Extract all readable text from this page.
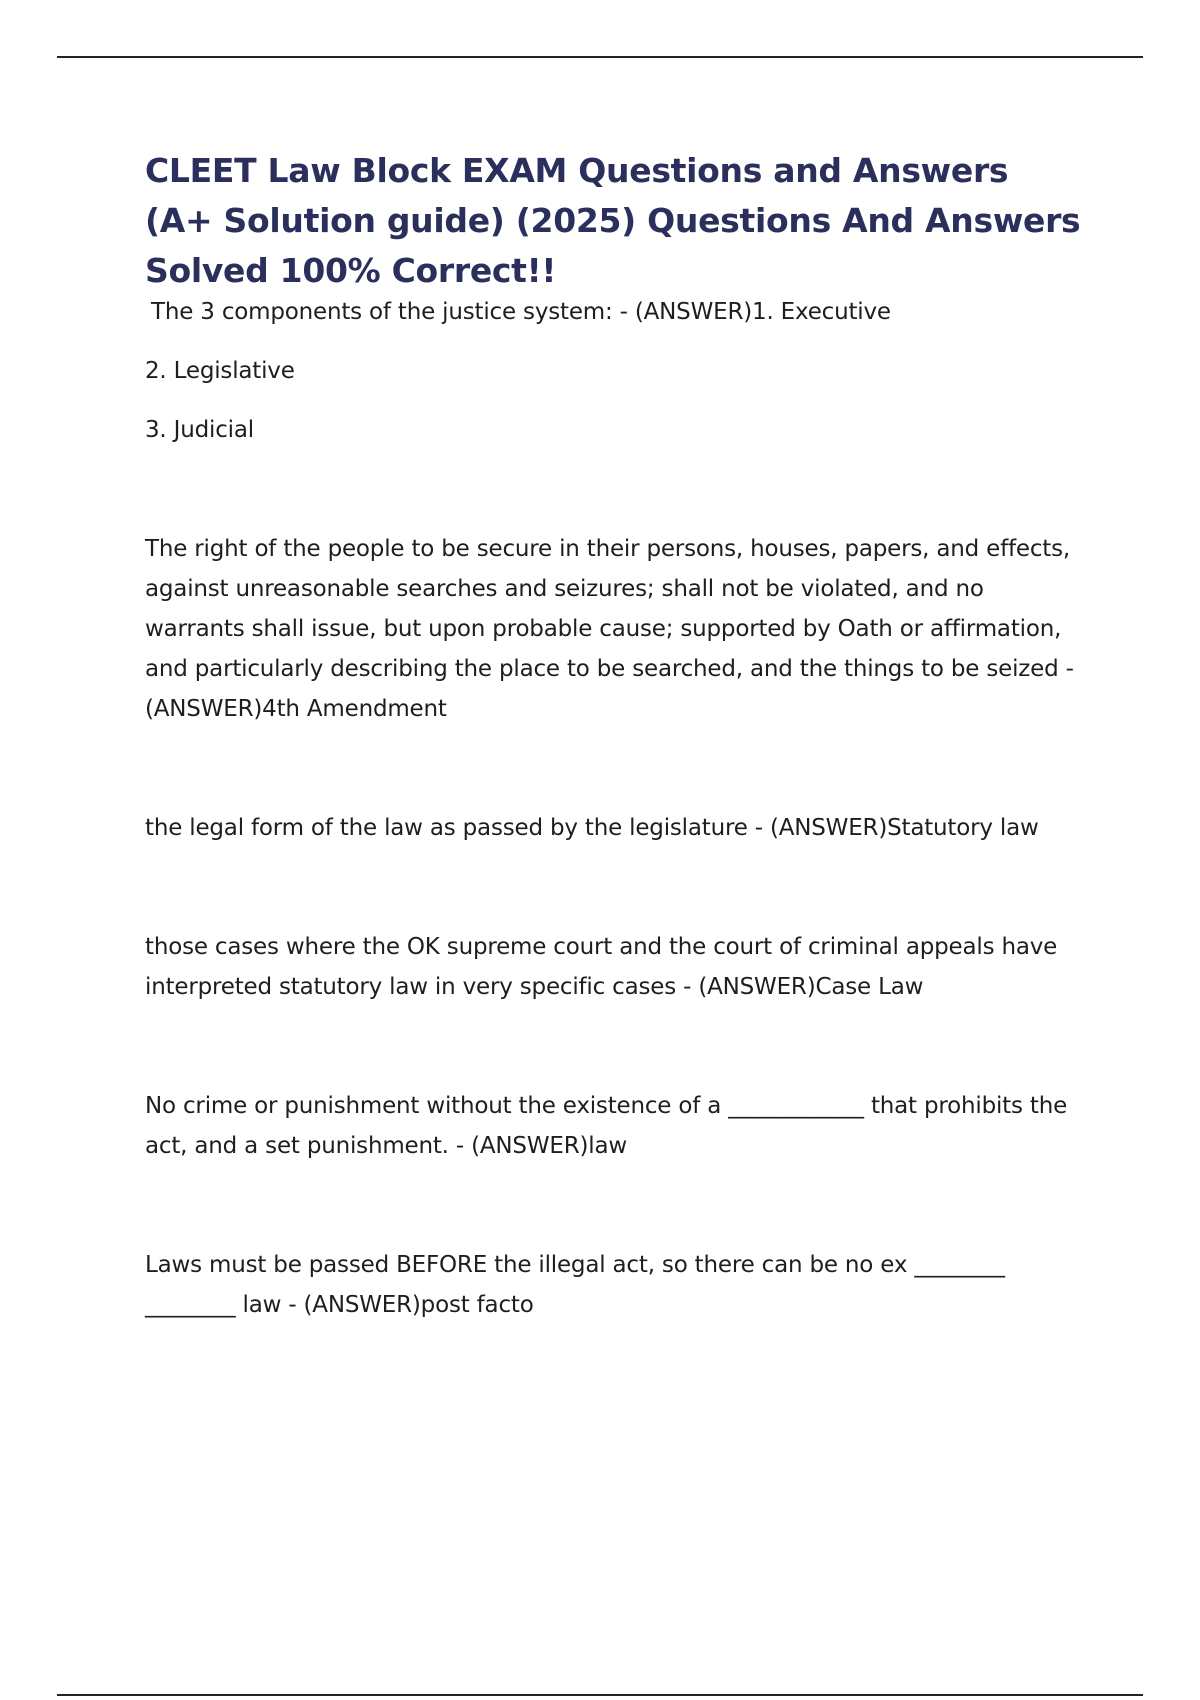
CLEET Law Block EXAM Questions and Answers (A+ Solution guide) (2025) Questions And Answers Solved 100% Correct!!

The 3 components of the justice system: - (ANSWER)1. Executive

2. Legislative

3. Judicial

The right of the people to be secure in their persons, houses, papers, and effects, against unreasonable searches and seizures; shall not be violated, and no warrants shall issue, but upon probable cause; supported by Oath or affirmation, and particularly describing the place to be searched, and the things to be seized - (ANSWER)4th Amendment

the legal form of the law as passed by the legislature - (ANSWER)Statutory law

those cases where the OK supreme court and the court of criminal appeals have interpreted statutory law in very specific cases - (ANSWER)Case Law

No crime or punishment without the existence of a ____________ that prohibits the act, and a set punishment. - (ANSWER)law

Laws must be passed BEFORE the illegal act, so there can be no ex ________ ________ law - (ANSWER)post facto
